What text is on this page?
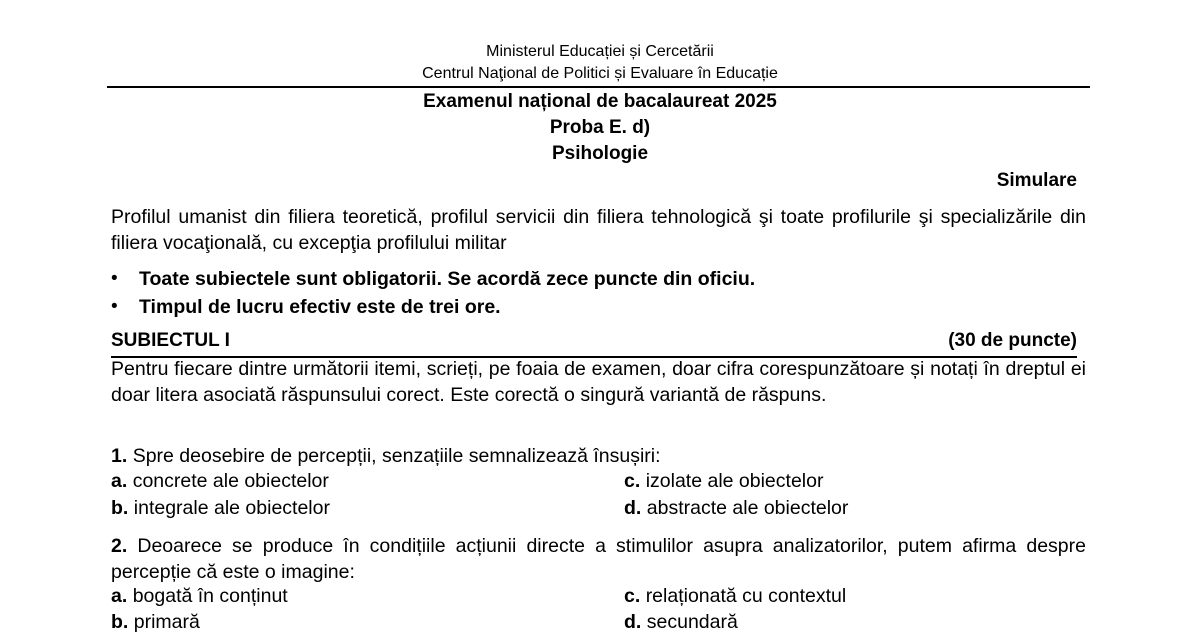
Ministerul Educației și Cercetării
Centrul Naţional de Politici și Evaluare în Educație
Examenul național de bacalaureat 2025
Proba E. d)
Psihologie
Simulare
Profilul umanist din filiera teoretică, profilul servicii din filiera tehnologică şi toate profilurile şi specializările din filiera vocaţională, cu excepţia profilului militar
• Toate subiectele sunt obligatorii. Se acordă zece puncte din oficiu.
• Timpul de lucru efectiv este de trei ore.
SUBIECTUL I	(30 de puncte)
Pentru fiecare dintre următorii itemi, scrieți, pe foaia de examen, doar cifra corespunzătoare și notați în dreptul ei doar litera asociată răspunsului corect. Este corectă o singură variantă de răspuns.
1. Spre deosebire de percepții, senzațiile semnalizează însușiri:
a. concrete ale obiectelor
b. integrale ale obiectelor
c. izolate ale obiectelor
d. abstracte ale obiectelor
2. Deoarece se produce în condițiile acțiunii directe a stimulilor asupra analizatorilor, putem afirma despre percepție că este o imagine:
a. bogată în conținut
b. primară
c. relaționată cu contextul
d. secundară
